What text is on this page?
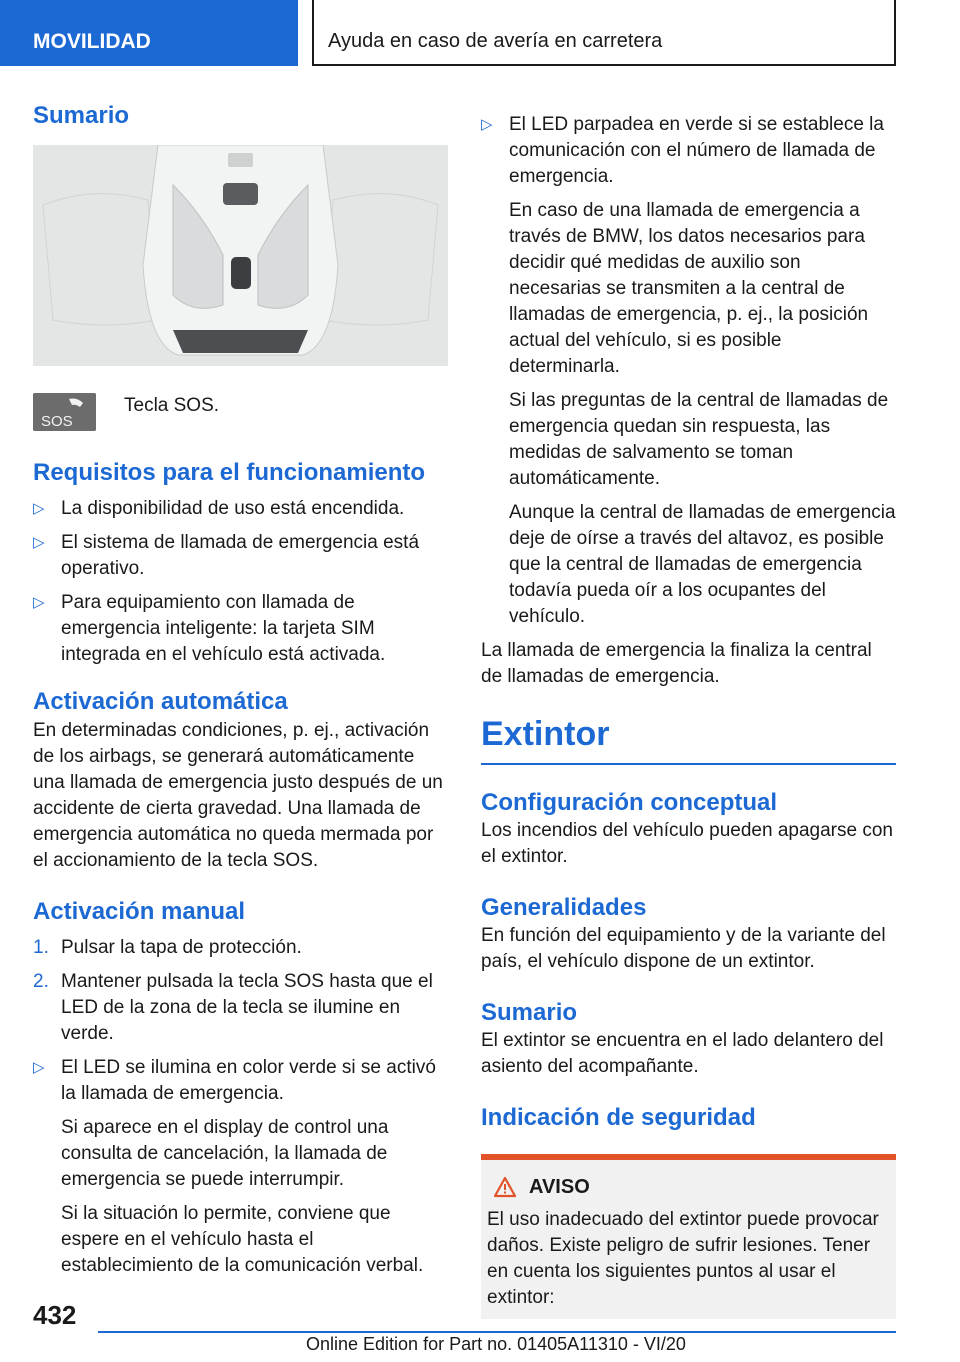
MOVILIDAD	Ayuda en caso de avería en carretera
Sumario
SOS

Tecla SOS.

Requisitos para el funcionamiento
▷ La disponibilidad de uso está encendida.
▷ El sistema de llamada de emergencia está operativo.
▷ Para equipamiento con llamada de emergencia inteligente: la tarjeta SIM integrada en el vehículo está activada.
Activación automática

En determinadas condiciones, p. ej., activación de los airbags, se generará automáticamente una llamada de emergencia justo después de un accidente de cierta gravedad. Una llamada de emergencia automática no queda mermada por el accionamiento de la tecla SOS.

Activación manual
1. Pulsar la tapa de protección.
2. Mantener pulsada la tecla SOS hasta que el LED de la zona de la tecla se ilumine en verde.
▷ El LED se ilumina en color verde si se activó la llamada de emergencia.

Si aparece en el display de control una consulta de cancelación, la llamada de emergencia se puede interrumpir.

Si la situación lo permite, conviene que espere en el vehículo hasta el establecimiento de la comunicación verbal.

▷ El LED parpadea en verde si se establece la comunicación con el número de llamada de emergencia.

En caso de una llamada de emergencia a través de BMW, los datos necesarios para decidir qué medidas de auxilio son necesarias se transmiten a la central de llamadas de emergencia, p. ej., la posición actual del vehículo, si es posible determinarla.

Si las preguntas de la central de llamadas de emergencia quedan sin respuesta, las medidas de salvamento se toman automáticamente.

Aunque la central de llamadas de emergencia deje de oírse a través del altavoz, es posible que la central de llamadas de emergencia todavía pueda oír a los ocupantes del vehículo.

La llamada de emergencia la finaliza la central de llamadas de emergencia.

Extintor
Configuración conceptual

Los incendios del vehículo pueden apagarse con el extintor.

Generalidades

En función del equipamiento y de la variante del país, el vehículo dispone de un extintor.

Sumario

El extintor se encuentra en el lado delantero del asiento del acompañante.

Indicación de seguridad
AVISO

El uso inadecuado del extintor puede provocar daños. Existe peligro de sufrir lesiones. Tener en cuenta los siguientes puntos al usar el extintor:

432
Online Edition for Part no. 01405A11310 - VI/20
